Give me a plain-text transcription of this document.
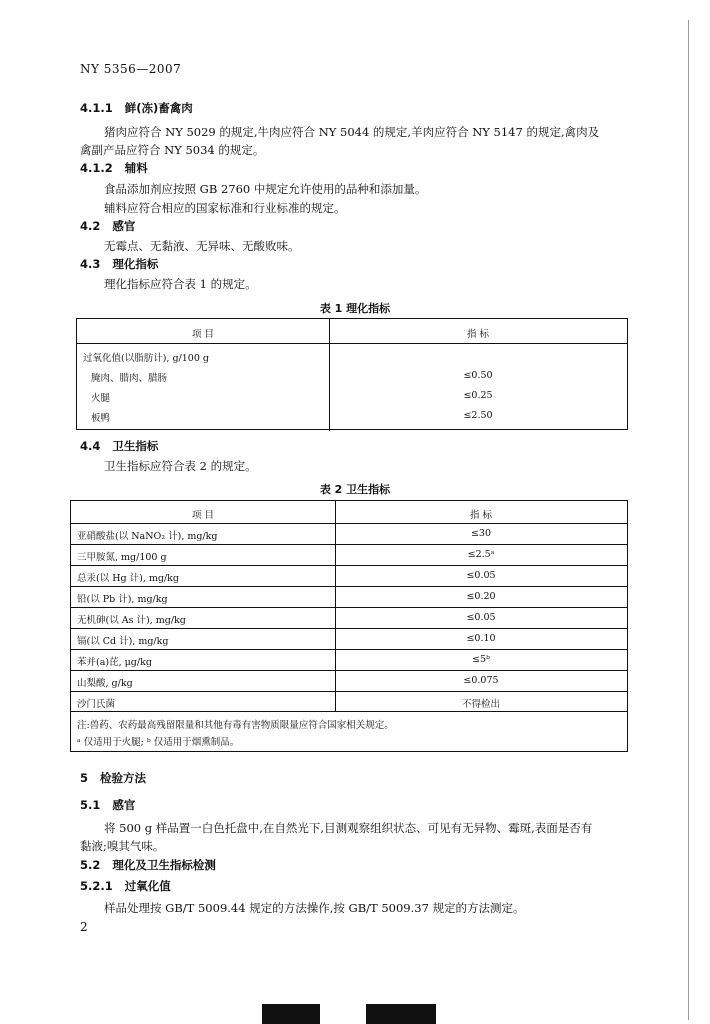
NY 5356—2007
4.1.1 鲜(冻)畜禽肉
猪肉应符合 NY 5029 的规定,牛肉应符合 NY 5044 的规定,羊肉应符合 NY 5147 的规定,禽肉及
禽副产品应符合 NY 5034 的规定。
4.1.2 辅料
食品添加剂应按照 GB 2760 中规定允许使用的品种和添加量。
辅料应符合相应的国家标准和行业标准的规定。
4.2 感官
无霉点、无黏液、无异味、无酸败味。
4.3 理化指标
理化指标应符合表 1 的规定。
表 1 理化指标
项 目	指 标
过氧化值(以脂肪计), g/100 g
腌肉、腊肉、腊肠	≤0.50
火腿	≤0.25
板鸭	≤2.50
4.4 卫生指标
卫生指标应符合表 2 的规定。
表 2 卫生指标
项 目	指 标
亚硝酸盐(以 NaNO₂ 计), mg/kg	≤30
三甲胺氮, mg/100 g	≤2.5ᵃ
总汞(以 Hg 计), mg/kg	≤0.05
铅(以 Pb 计), mg/kg	≤0.20
无机砷(以 As 计), mg/kg	≤0.05
镉(以 Cd 计), mg/kg	≤0.10
苯并(a)芘, μg/kg	≤5ᵇ
山梨酸, g/kg	≤0.075
沙门氏菌	不得检出
注:兽药、农药最高残留限量和其他有毒有害物质限量应符合国家相关规定。
ᵃ 仅适用于火腿; ᵇ 仅适用于烟熏制品。
5 检验方法
5.1 感官
将 500 g 样品置一白色托盘中,在自然光下,目测观察组织状态、可见有无异物、霉斑,表面是否有
黏液;嗅其气味。
5.2 理化及卫生指标检测
5.2.1 过氧化值
样品处理按 GB/T 5009.44 规定的方法操作,按 GB/T 5009.37 规定的方法测定。
2
